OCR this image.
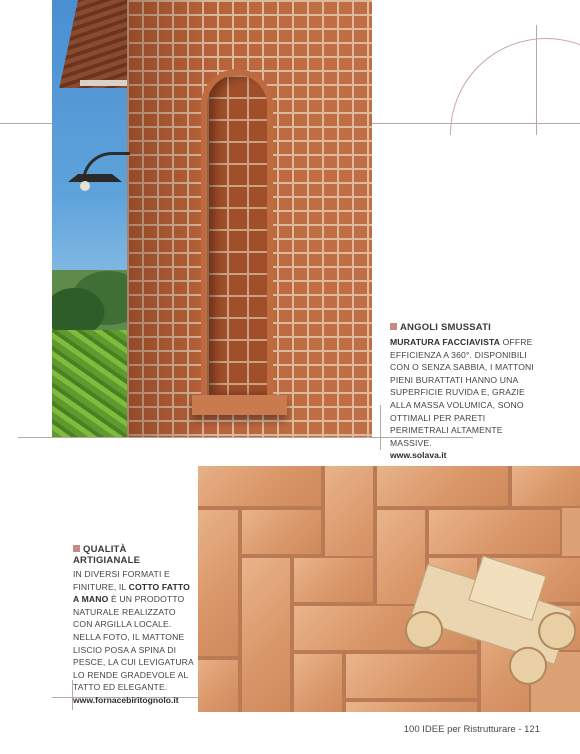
ANGOLI SMUSSATI
MURATURA FACCIAVISTA OFFRE EFFICIENZA A 360°. DISPONIBILI CON O SENZA SABBIA, I MATTONI PIENI BURATTATI HANNO UNA SUPERFICIE RUVIDA E, GRAZIE ALLA MASSA VOLUMICA, SONO OTTIMALI PER PARETI PERIMETRALI ALTAMENTE MASSIVE.
www.solava.it
QUALITÀ
ARTIGIANALE
IN DIVERSI FORMATI E FINITURE, IL COTTO FATTO A MANO È UN PRODOTTO NATURALE REALIZZATO CON ARGILLA LOCALE. NELLA FOTO, IL MATTONE LISCIO POSA A SPINA DI PESCE, LA CUI LEVIGATURA LO RENDE GRADEVOLE AL TATTO ED ELEGANTE.
www.fornacebiritognolo.it
100 IDEE per Ristrutturare - 121
